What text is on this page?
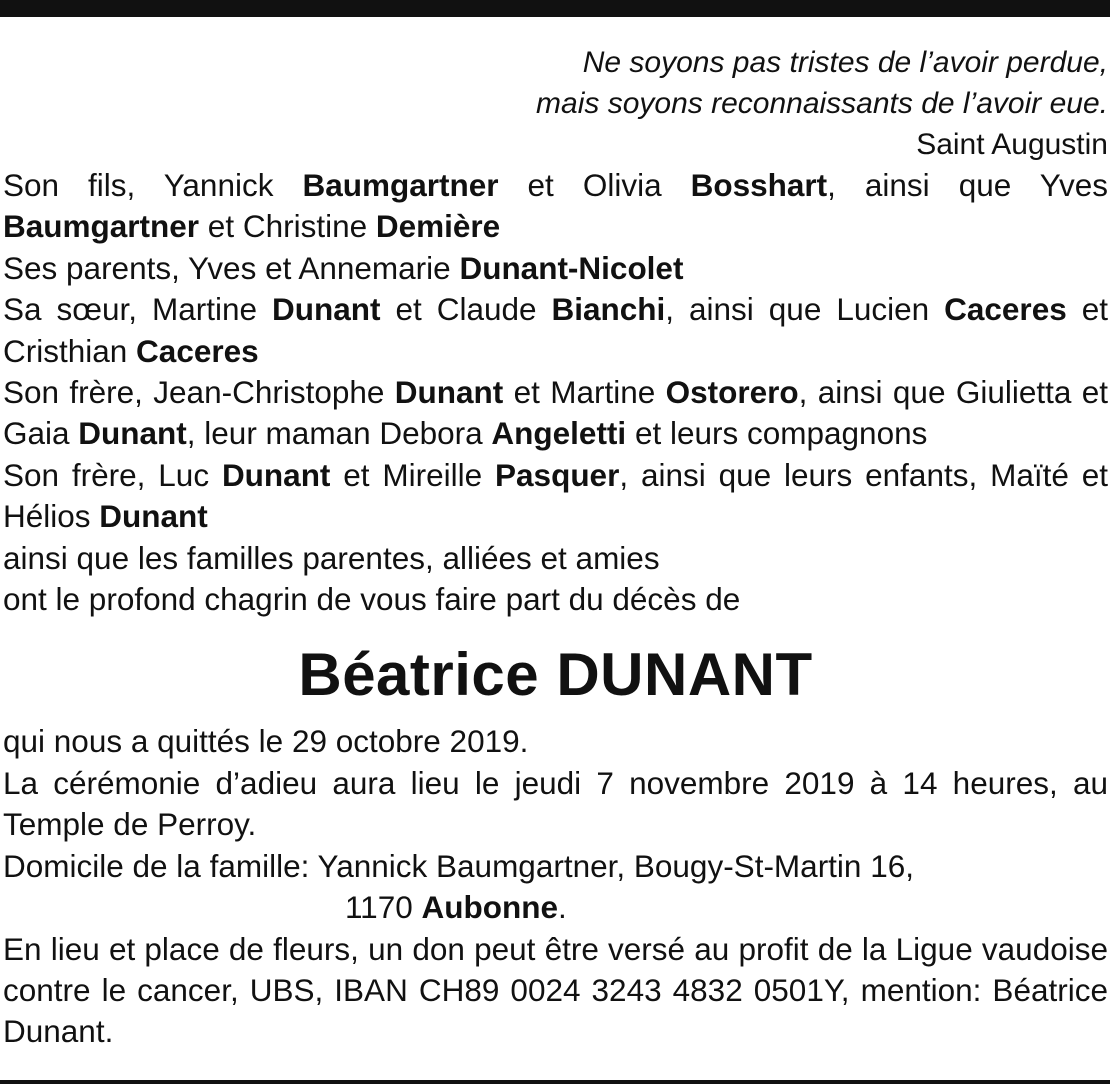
Ne soyons pas tristes de l’avoir perdue,
mais soyons reconnaissants de l’avoir eue.
Saint Augustin

Son fils, Yannick Baumgartner et Olivia Bosshart, ainsi que Yves Baumgartner et Christine Demière

Ses parents, Yves et Annemarie Dunant-Nicolet

Sa sœur, Martine Dunant et Claude Bianchi, ainsi que Lucien Caceres et Cristhian Caceres

Son frère, Jean-Christophe Dunant et Martine Ostorero, ainsi que Giulietta et Gaia Dunant, leur maman Debora Angeletti et leurs compagnons

Son frère, Luc Dunant et Mireille Pasquer, ainsi que leurs enfants, Maïté et Hélios Dunant

ainsi que les familles parentes, alliées et amies

ont le profond chagrin de vous faire part du décès de

Béatrice DUNANT

qui nous a quittés le 29 octobre 2019.

La cérémonie d’adieu aura lieu le jeudi 7 novembre 2019 à 14 heures, au Temple de Perroy.

Domicile de la famille: Yannick Baumgartner, Bougy-St-Martin 16,

1170 Aubonne.

En lieu et place de fleurs, un don peut être versé au profit de la Ligue vaudoise contre le cancer, UBS, IBAN CH89 0024 3243 4832 0501Y, mention: Béatrice Dunant.
